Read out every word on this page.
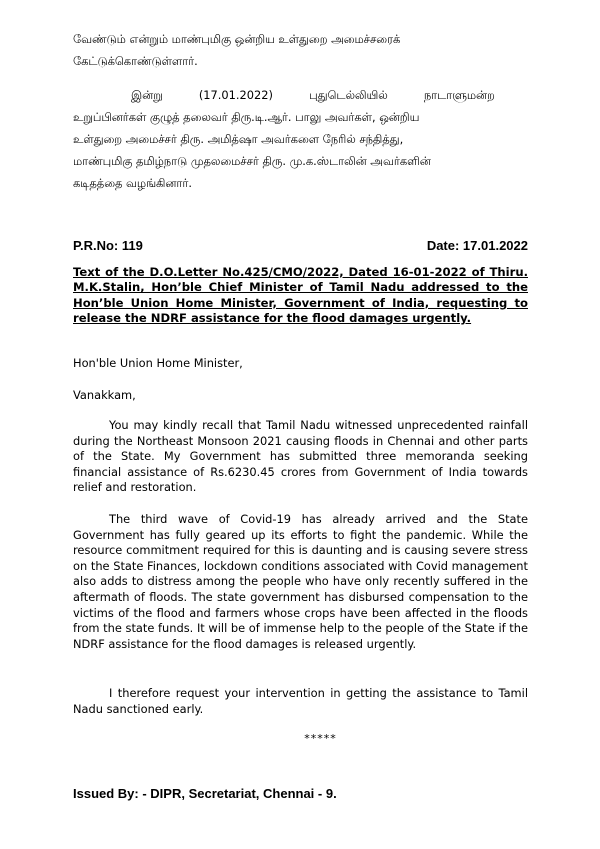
வேண்டும் என்றும் மாண்புமிகு ஒன்றிய உள்துறை அமைச்சரைக்

கேட்டுக்கொண்டுள்ளார்.

இன்று          (17.01.2022)          புதுடெல்லியில்          நாடாளுமன்ற

உறுப்பினர்கள் குழுத் தலைவர் திரு.டி.ஆர். பாலு அவர்கள், ஒன்றிய

உள்துறை அமைச்சர் திரு. அமித்ஷா அவர்களை நேரில் சந்தித்து,

மாண்புமிகு தமிழ்நாடு முதலமைச்சர் திரு. மு.க.ஸ்டாலின் அவர்களின்

கடிதத்தை வழங்கினார்.

P.R.No: 119	Date: 17.01.2022

Text of the D.O.Letter No.425/CMO/2022, Dated 16-01-2022 of Thiru. M.K.Stalin, Hon’ble Chief Minister of Tamil Nadu addressed to the Hon’ble Union Home Minister, Government of India, requesting to release the NDRF assistance for the flood damages urgently.

Hon'ble Union Home Minister,

Vanakkam,

You may kindly recall that Tamil Nadu witnessed unprecedented rainfall during the Northeast Monsoon 2021 causing floods in Chennai and other parts of the State. My Government has submitted three memoranda seeking financial assistance of Rs.6230.45 crores from Government of India towards relief and restoration.

The third wave of Covid-19 has already arrived and the State Government has fully geared up its efforts to fight the pandemic. While the resource commitment required for this is daunting and is causing severe stress on the State Finances, lockdown conditions associated with Covid management also adds to distress among the people who have only recently suffered in the aftermath of floods. The state government has disbursed compensation to the victims of the flood and farmers whose crops have been affected in the floods from the state funds. It will be of immense help to the people of the State if the NDRF assistance for the flood damages is released urgently.

I therefore request your intervention in getting the assistance to Tamil Nadu sanctioned early.

*****
Issued By: - DIPR, Secretariat, Chennai - 9.
